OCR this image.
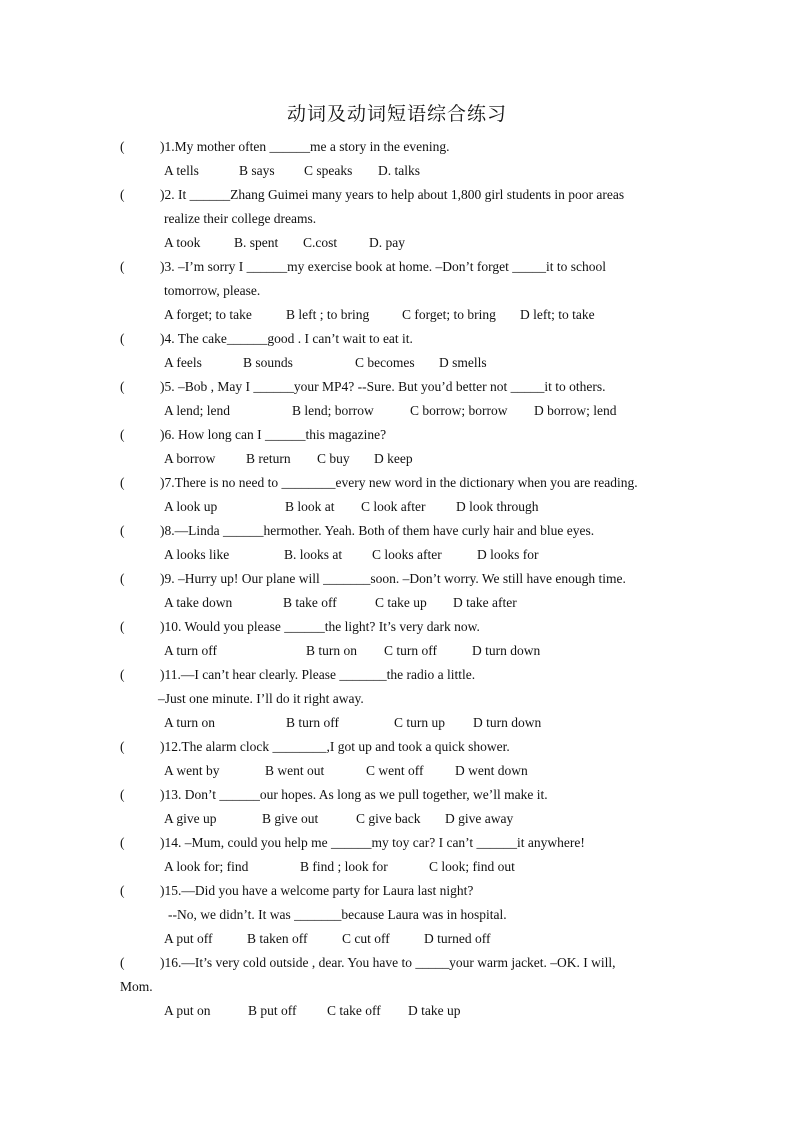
动词及动词短语综合练习
(	)1.My mother often ______me a story in the evening.
A tells	B says C speaks D. talks
(	)2. It ______Zhang Guimei many years to help about 1,800 girl students in poor areas
realize their college dreams.
A took B. spent C.cost D. pay
(	)3. –I’m sorry I ______my exercise book at home. –Don’t forget _____it to school
tomorrow, please.
A forget; to take	B left ; to bring C forget; to bring D left; to take
(	)4. The cake______good . I can’t wait to eat it.
A feels	B sounds	C becomes D smells
(	)5. –Bob , May I ______your MP4? --Sure. But you’d better not _____it to others.
A lend; lend	B lend; borrow	C borrow; borrow D borrow; lend
(	)6. How long can I ______this magazine?
A borrow B return C buy D keep
(	)7.There is no need to ________every new word in the dictionary when you are reading.
A look up	B look at C look after D look through
(	)8.—Linda ______hermother. Yeah. Both of them have curly hair and blue eyes.
A looks like	B. looks at C looks after	D looks for
(	)9. –Hurry up! Our plane will _______soon. –Don’t worry. We still have enough time.
A take down	B take off	C take up D take after
(	)10. Would you please ______the light? It’s very dark now.
A turn off	B turn on C turn off	D turn down
(	)11.—I can’t hear clearly. Please _______the radio a little.
–Just one minute. I’ll do it right away.
A turn on	B turn off	C turn up D turn down
(	)12.The alarm clock ________,I got up and took a quick shower.
A went by	B went out	C went off D went down
(	)13. Don’t ______our hopes. As long as we pull together, we’ll make it.
A give up	B give out	C give back D give away
(	)14. –Mum, could you help me ______my toy car? I can’t ______it anywhere!
A look for; find	B find ; look for	C look; find out
(	)15.—Did you have a welcome party for Laura last night?
--No, we didn’t. It was _______because Laura was in hospital.
A put off	B taken off	C cut off	D turned off
(	)16.—It’s very cold outside , dear. You have to _____your warm jacket. –OK. I will,
Mom.
A put on	B put off C take off D take up
